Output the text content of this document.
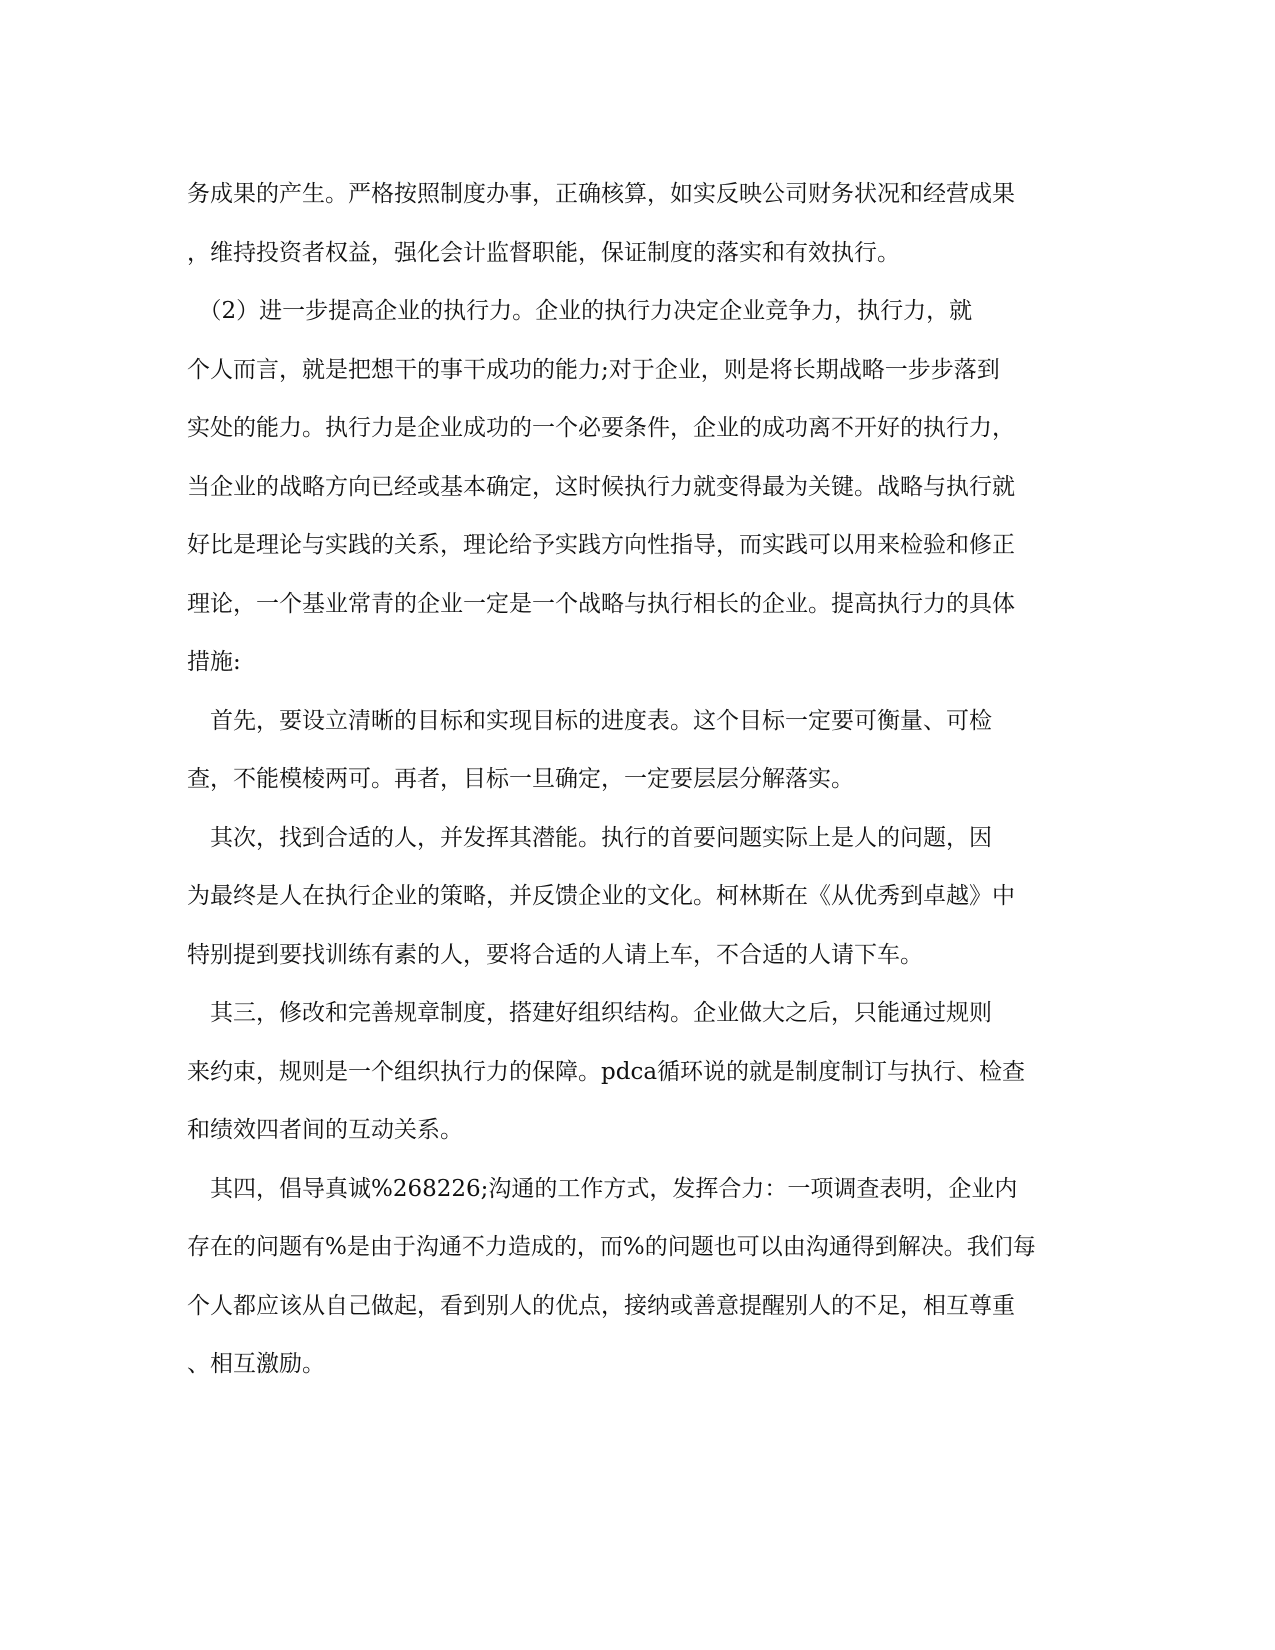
务成果的产生。严格按照制度办事，正确核算，如实反映公司财务状况和经营成果
，维持投资者权益，强化会计监督职能，保证制度的落实和有效执行。
　（2）进一步提高企业的执行力。企业的执行力决定企业竞争力，执行力，就
个人而言，就是把想干的事干成功的能力;对于企业，则是将长期战略一步步落到
实处的能力。执行力是企业成功的一个必要条件，企业的成功离不开好的执行力，
当企业的战略方向已经或基本确定，这时候执行力就变得最为关键。战略与执行就
好比是理论与实践的关系，理论给予实践方向性指导，而实践可以用来检验和修正
理论，一个基业常青的企业一定是一个战略与执行相长的企业。提高执行力的具体
措施:
　首先，要设立清晰的目标和实现目标的进度表。这个目标一定要可衡量、可检
查，不能模棱两可。再者，目标一旦确定，一定要层层分解落实。
　其次，找到合适的人，并发挥其潜能。执行的首要问题实际上是人的问题，因
为最终是人在执行企业的策略，并反馈企业的文化。柯林斯在《从优秀到卓越》中
特别提到要找训练有素的人，要将合适的人请上车，不合适的人请下车。
　其三，修改和完善规章制度，搭建好组织结构。企业做大之后，只能通过规则
来约束，规则是一个组织执行力的保障。pdca循环说的就是制度制订与执行、检查
和绩效四者间的互动关系。
　其四，倡导真诚%268226;沟通的工作方式，发挥合力：一项调查表明，企业内
存在的问题有%是由于沟通不力造成的，而%的问题也可以由沟通得到解决。我们每
个人都应该从自己做起，看到别人的优点，接纳或善意提醒别人的不足，相互尊重
、相互激励。
